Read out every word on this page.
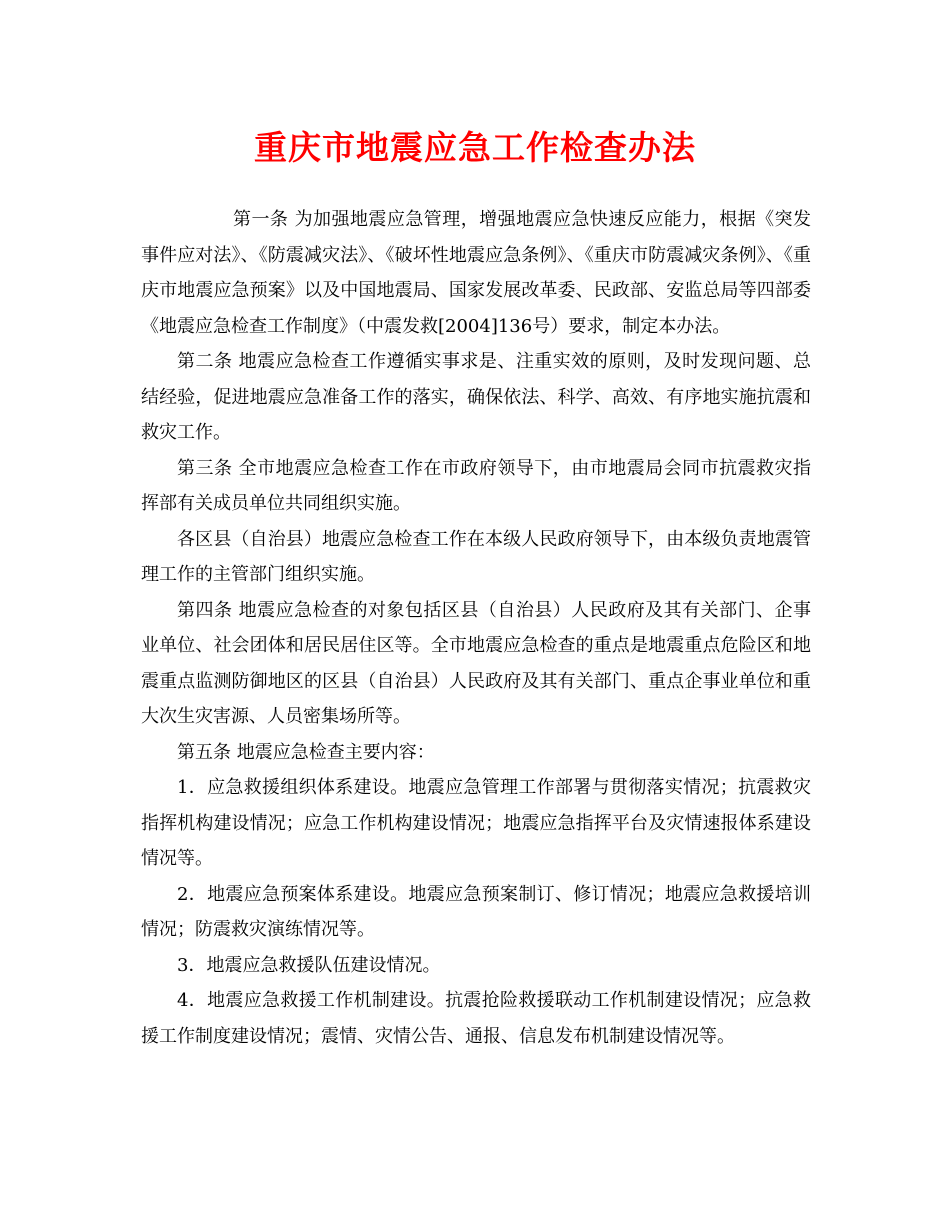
重庆市地震应急工作检查办法

第一条 为加强地震应急管理，增强地震应急快速反应能力，根据《突发事件应对法》、《防震减灾法》、《破坏性地震应急条例》、《重庆市防震减灾条例》、《重庆市地震应急预案》以及中国地震局、国家发展改革委、民政部、安监总局等四部委《地震应急检查工作制度》（中震发救[2004]136号）要求，制定本办法。

第二条 地震应急检查工作遵循实事求是、注重实效的原则，及时发现问题、总结经验，促进地震应急准备工作的落实，确保依法、科学、高效、有序地实施抗震和救灾工作。

第三条 全市地震应急检查工作在市政府领导下，由市地震局会同市抗震救灾指挥部有关成员单位共同组织实施。

各区县（自治县）地震应急检查工作在本级人民政府领导下，由本级负责地震管理工作的主管部门组织实施。

第四条 地震应急检查的对象包括区县（自治县）人民政府及其有关部门、企事业单位、社会团体和居民居住区等。全市地震应急检查的重点是地震重点危险区和地震重点监测防御地区的区县（自治县）人民政府及其有关部门、重点企事业单位和重大次生灾害源、人员密集场所等。

第五条 地震应急检查主要内容：

1．应急救援组织体系建设。地震应急管理工作部署与贯彻落实情况；抗震救灾指挥机构建设情况；应急工作机构建设情况；地震应急指挥平台及灾情速报体系建设情况等。

2．地震应急预案体系建设。地震应急预案制订、修订情况；地震应急救援培训情况；防震救灾演练情况等。

3．地震应急救援队伍建设情况。

4．地震应急救援工作机制建设。抗震抢险救援联动工作机制建设情况；应急救援工作制度建设情况；震情、灾情公告、通报、信息发布机制建设情况等。
